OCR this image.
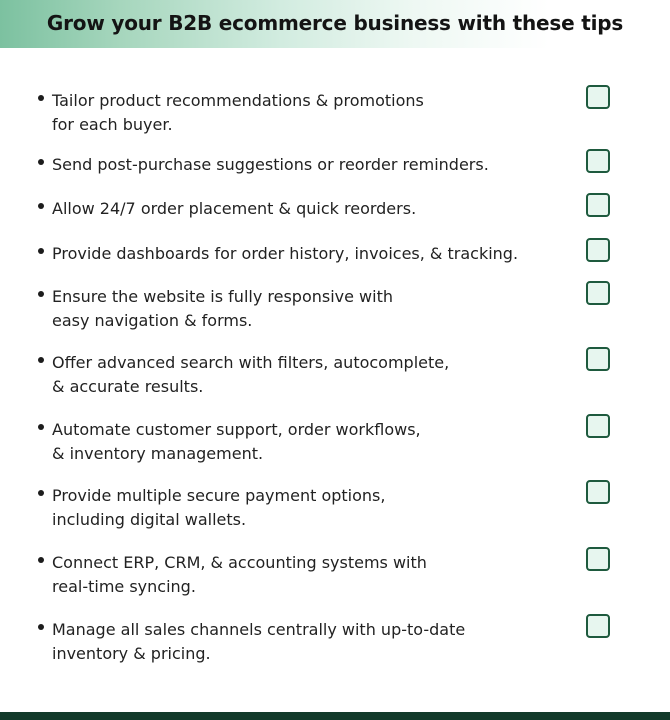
Grow your B2B ecommerce business with these tips
Tailor product recommendations & promotions
for each buyer.
Send post-purchase suggestions or reorder reminders.
Allow 24/7 order placement & quick reorders.
Provide dashboards for order history, invoices, & tracking.
Ensure the website is fully responsive with
easy navigation & forms.
Offer advanced search with filters, autocomplete,
& accurate results.
Automate customer support, order workflows,
& inventory management.
Provide multiple secure payment options,
including digital wallets.
Connect ERP, CRM, & accounting systems with
real-time syncing.
Manage all sales channels centrally with up-to-date
inventory & pricing.
